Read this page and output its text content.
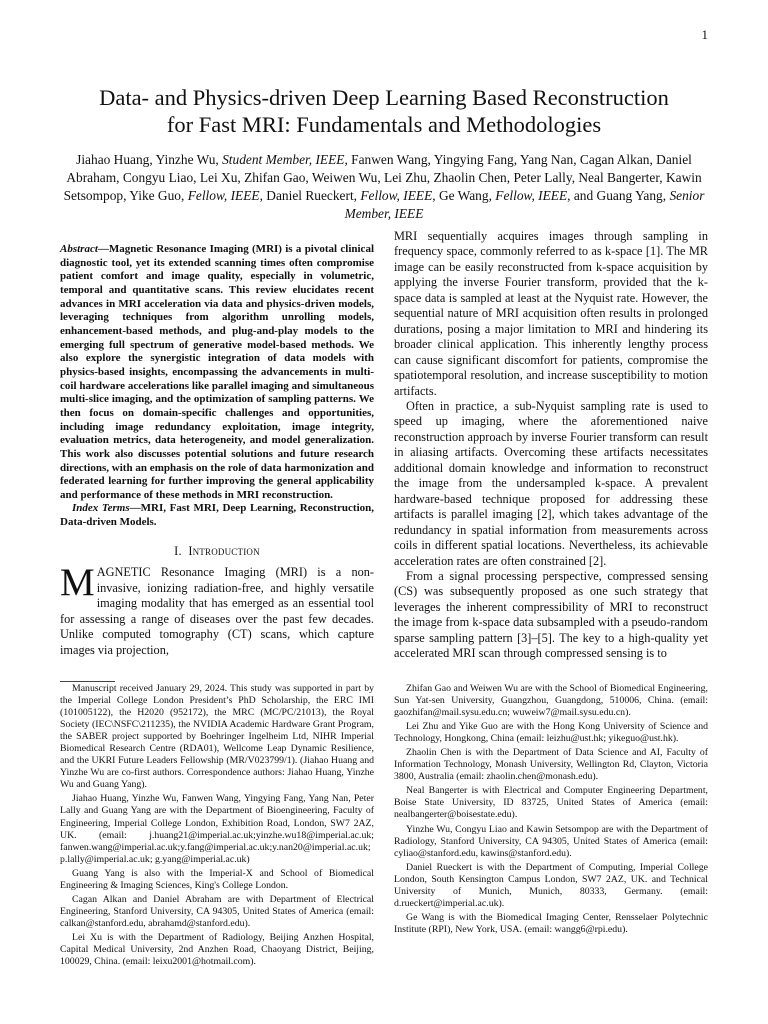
1
Data- and Physics-driven Deep Learning Based Reconstruction
for Fast MRI: Fundamentals and Methodologies
Jiahao Huang, Yinzhe Wu, Student Member, IEEE, Fanwen Wang, Yingying Fang, Yang Nan, Cagan Alkan, Daniel Abraham, Congyu Liao, Lei Xu, Zhifan Gao, Weiwen Wu, Lei Zhu, Zhaolin Chen, Peter Lally, Neal Bangerter, Kawin Setsompop, Yike Guo, Fellow, IEEE, Daniel Rueckert, Fellow, IEEE, Ge Wang, Fellow, IEEE, and Guang Yang, Senior Member, IEEE

Abstract—Magnetic Resonance Imaging (MRI) is a pivotal clinical diagnostic tool, yet its extended scanning times often compromise patient comfort and image quality, especially in volumetric, temporal and quantitative scans. This review elucidates recent advances in MRI acceleration via data and physics-driven models, leveraging techniques from algorithm unrolling models, enhancement-based methods, and plug-and-play models to the emerging full spectrum of generative model-based methods. We also explore the synergistic integration of data models with physics-based insights, encompassing the advancements in multi-coil hardware accelerations like parallel imaging and simultaneous multi-slice imaging, and the optimization of sampling patterns. We then focus on domain-specific challenges and opportunities, including image redundancy exploitation, image integrity, evaluation metrics, data heterogeneity, and model generalization. This work also discusses potential solutions and future research directions, with an emphasis on the role of data harmonization and federated learning for further improving the general applicability and performance of these methods in MRI reconstruction.

Index Terms—MRI, Fast MRI, Deep Learning, Reconstruction, Data-driven Models.

I. Introduction

MAGNETIC Resonance Imaging (MRI) is a non-invasive, ionizing radiation-free, and highly versatile imaging modality that has emerged as an essential tool for assessing a range of diseases over the past few decades. Unlike computed tomography (CT) scans, which capture images via projection,

MRI sequentially acquires images through sampling in frequency space, commonly referred to as k-space [1]. The MR image can be easily reconstructed from k-space acquisition by applying the inverse Fourier transform, provided that the k-space data is sampled at least at the Nyquist rate. However, the sequential nature of MRI acquisition often results in prolonged durations, posing a major limitation to MRI and hindering its broader clinical application. This inherently lengthy process can cause significant discomfort for patients, compromise the spatiotemporal resolution, and increase susceptibility to motion artifacts.

Often in practice, a sub-Nyquist sampling rate is used to speed up imaging, where the aforementioned naive reconstruction approach by inverse Fourier transform can result in aliasing artifacts. Overcoming these artifacts necessitates additional domain knowledge and information to reconstruct the image from the undersampled k-space. A prevalent hardware-based technique proposed for addressing these artifacts is parallel imaging [2], which takes advantage of the redundancy in spatial information from measurements across coils in different spatial locations. Nevertheless, its achievable acceleration rates are often constrained [2].

From a signal processing perspective, compressed sensing (CS) was subsequently proposed as one such strategy that leverages the inherent compressibility of MRI to reconstruct the image from k-space data subsampled with a pseudo-random sparse sampling pattern [3]–[5]. The key to a high-quality yet accelerated MRI scan through compressed sensing is to

Manuscript received January 29, 2024. This study was supported in part by the Imperial College London President’s PhD Scholarship, the ERC IMI (101005122), the H2020 (952172), the MRC (MC/PC/21013), the Royal Society (IEC\NSFC\211235), the NVIDIA Academic Hardware Grant Program, the SABER project supported by Boehringer Ingelheim Ltd, NIHR Imperial Biomedical Research Centre (RDA01), Wellcome Leap Dynamic Resilience, and the UKRI Future Leaders Fellowship (MR/V023799/1). (Jiahao Huang and Yinzhe Wu are co-first authors. Correspondence authors: Jiahao Huang, Yinzhe Wu and Guang Yang).

Jiahao Huang, Yinzhe Wu, Fanwen Wang, Yingying Fang, Yang Nan, Peter Lally and Guang Yang are with the Department of Bioengineering, Faculty of Engineering, Imperial College London, Exhibition Road, London, SW7 2AZ, UK. (email: j.huang21@imperial.ac.uk;yinzhe.wu18@imperial.ac.uk; fanwen.wang@imperial.ac.uk;y.fang@imperial.ac.uk;y.nan20@imperial.ac.uk; p.lally@imperial.ac.uk; g.yang@imperial.ac.uk)

Guang Yang is also with the Imperial-X and School of Biomedical Engineering & Imaging Sciences, King's College London.

Cagan Alkan and Daniel Abraham are with Department of Electrical Engineering, Stanford University, CA 94305, United States of America (email: calkan@stanford.edu, abrahamd@stanford.edu).

Lei Xu is with the Department of Radiology, Beijing Anzhen Hospital, Capital Medical University, 2nd Anzhen Road, Chaoyang District, Beijing, 100029, China. (email: leixu2001@hotmail.com).

Zhifan Gao and Weiwen Wu are with the School of Biomedical Engineering, Sun Yat-sen University, Guangzhou, Guangdong, 510006, China. (email: gaozhifan@mail.sysu.edu.cn; wuweiw7@mail.sysu.edu.cn).

Lei Zhu and Yike Guo are with the Hong Kong University of Science and Technology, Hongkong, China (email: leizhu@ust.hk; yikeguo@ust.hk).

Zhaolin Chen is with the Department of Data Science and AI, Faculty of Information Technology, Monash University, Wellington Rd, Clayton, Victoria 3800, Australia (email: zhaolin.chen@monash.edu).

Neal Bangerter is with Electrical and Computer Engineering Department, Boise State University, ID 83725, United States of America (email: nealbangerter@boisestate.edu).

Yinzhe Wu, Congyu Liao and Kawin Setsompop are with the Department of Radiology, Stanford University, CA 94305, United States of America (email: cyliao@stanford.edu, kawins@stanford.edu).

Daniel Rueckert is with the Department of Computing, Imperial College London, South Kensington Campus London, SW7 2AZ, UK. and Technical University of Munich, Munich, 80333, Germany. (email: d.rueckert@imperial.ac.uk).

Ge Wang is with the Biomedical Imaging Center, Rensselaer Polytechnic Institute (RPI), New York, USA. (email: wangg6@rpi.edu).
